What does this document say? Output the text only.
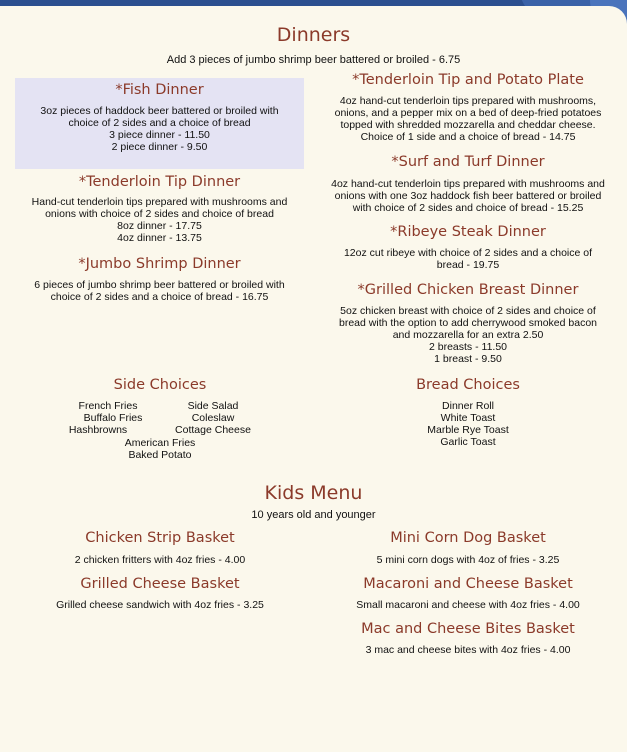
Dinners
Add 3 pieces of jumbo shrimp beer battered or broiled - 6.75
*Fish Dinner
3oz pieces of haddock beer battered or broiled with
choice of 2 sides and a choice of bread
3 piece dinner - 11.50
2 piece dinner - 9.50
*Tenderloin Tip Dinner
Hand-cut tenderloin tips prepared with mushrooms and
onions with choice of 2 sides and choice of bread
8oz dinner - 17.75
4oz dinner - 13.75
*Jumbo Shrimp Dinner
6 pieces of jumbo shrimp beer battered or broiled with
choice of 2 sides and a choice of bread - 16.75
*Tenderloin Tip and Potato Plate
4oz hand-cut tenderloin tips prepared with mushrooms,
onions, and a pepper mix on a bed of deep-fried potatoes
topped with shredded mozzarella and cheddar cheese.
Choice of 1 side and a choice of bread - 14.75
*Surf and Turf Dinner
4oz hand-cut tenderloin tips prepared with mushrooms and
onions with one 3oz haddock fish beer battered or broiled
with choice of 2 sides and choice of bread - 15.25
*Ribeye Steak Dinner
12oz cut ribeye with choice of 2 sides and a choice of
bread - 19.75
*Grilled Chicken Breast Dinner
5oz chicken breast with choice of 2 sides and choice of
bread with the option to add cherrywood smoked bacon
and mozzarella for an extra 2.50
2 breasts - 11.50
1 breast - 9.50
Side Choices
French Fries
Buffalo Fries
Hashbrowns
Side Salad
Coleslaw
Cottage Cheese
American Fries
Baked Potato
Bread Choices
Dinner Roll
White Toast
Marble Rye Toast
Garlic Toast
Kids Menu
10 years old and younger
Chicken Strip Basket
2 chicken fritters with 4oz fries - 4.00
Grilled Cheese Basket
Grilled cheese sandwich with 4oz fries - 3.25
Mini Corn Dog Basket
5 mini corn dogs with 4oz of fries - 3.25
Macaroni and Cheese Basket
Small macaroni and cheese with 4oz fries - 4.00
Mac and Cheese Bites Basket
3 mac and cheese bites with 4oz fries - 4.00
